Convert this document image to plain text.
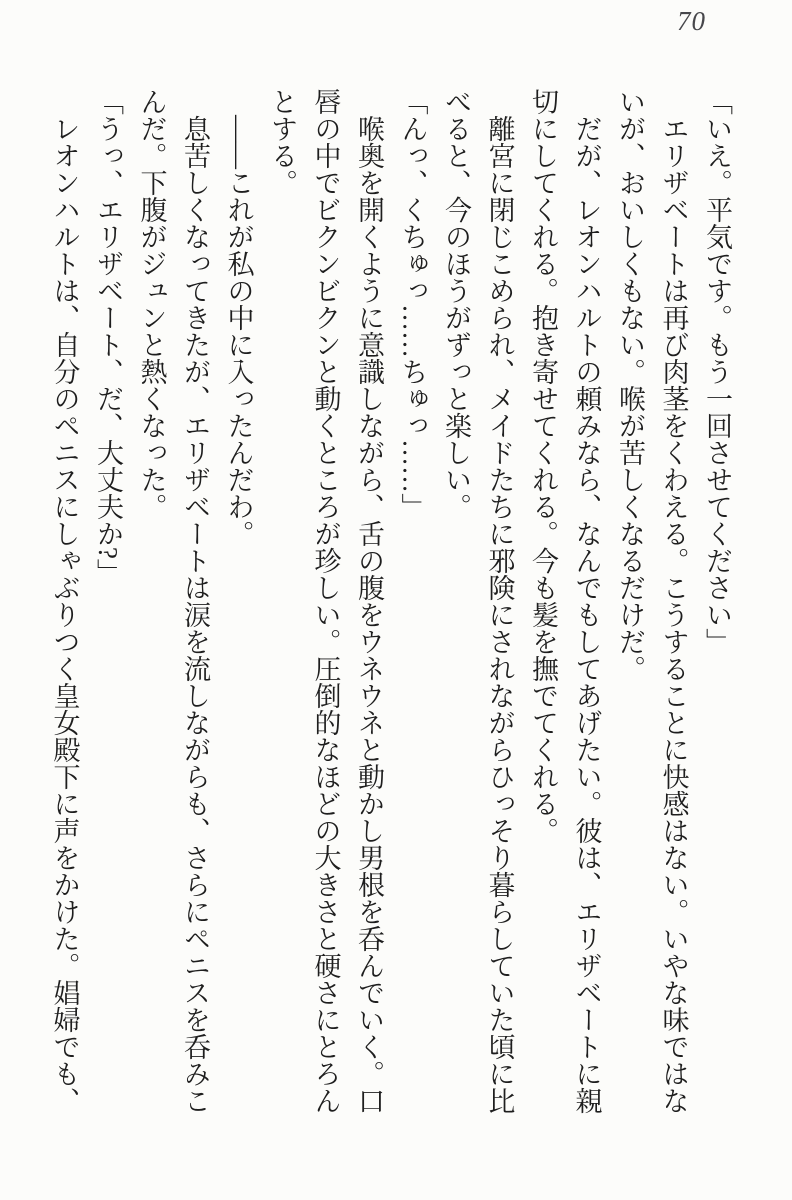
70

「いえ。平気です。もう一回させてください」

エリザベートは再び肉茎をくわえる。こうすることに快感はない。いやな味ではないが、おいしくもない。喉が苦しくなるだけだ。

だが、レオンハルトの頼みなら、なんでもしてあげたい。彼は、エリザベートに親切にしてくれる。抱き寄せてくれる。今も髪を撫でてくれる。

離宮に閉じこめられ、メイドたちに邪険にされながらひっそり暮らしていた頃に比べると、今のほうがずっと楽しい。

「んっ、くちゅっ……ちゅっ……」

喉奥を開くように意識しながら、舌の腹をウネウネと動かし男根を呑んでいく。口唇の中でビクンビクンと動くところが珍しい。圧倒的なほどの大きさと硬さにとろんとする。

――これが私の中に入ったんだわ。

息苦しくなってきたが、エリザベートは涙を流しながらも、さらにペニスを呑みこんだ。下腹がジュンと熱くなった。

「うっ、エリザベート、だ、大丈夫か?」

レオンハルトは、自分のペニスにしゃぶりつく皇女殿下に声をかけた。娼婦でも、
